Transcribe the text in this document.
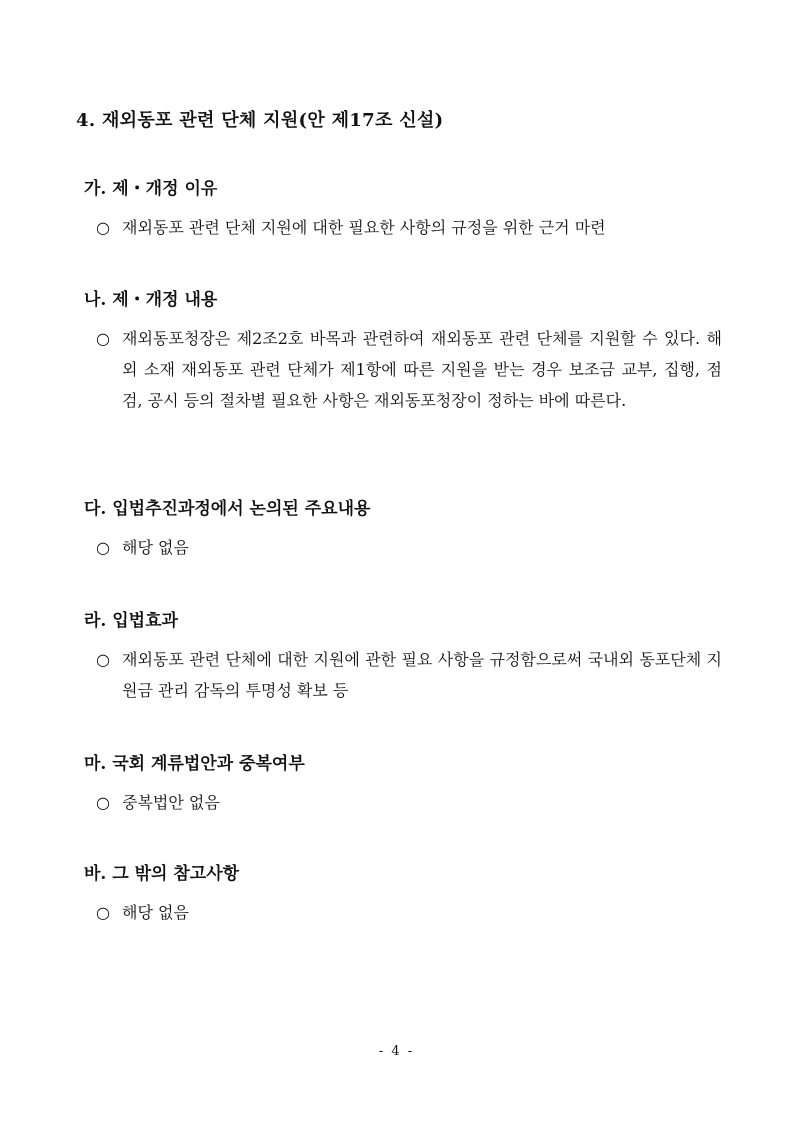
4. 재외동포 관련 단체 지원(안 제17조 신설)
가. 제・개정 이유
○ 재외동포 관련 단체 지원에 대한 필요한 사항의 규정을 위한 근거 마련
나. 제・개정 내용
○ 재외동포청장은 제2조2호 바목과 관련하여 재외동포 관련 단체를 지원할 수 있다. 해외 소재 재외동포 관련 단체가 제1항에 따른 지원을 받는 경우 보조금 교부, 집행, 점검, 공시 등의 절차별 필요한 사항은 재외동포청장이 정하는 바에 따른다.
다. 입법추진과정에서 논의된 주요내용
○ 해당 없음
라. 입법효과
○ 재외동포 관련 단체에 대한 지원에 관한 필요 사항을 규정함으로써 국내외 동포단체 지원금 관리 감독의 투명성 확보 등
마. 국회 계류법안과 중복여부
○ 중복법안 없음
바. 그 밖의 참고사항
○ 해당 없음
- 4 -
